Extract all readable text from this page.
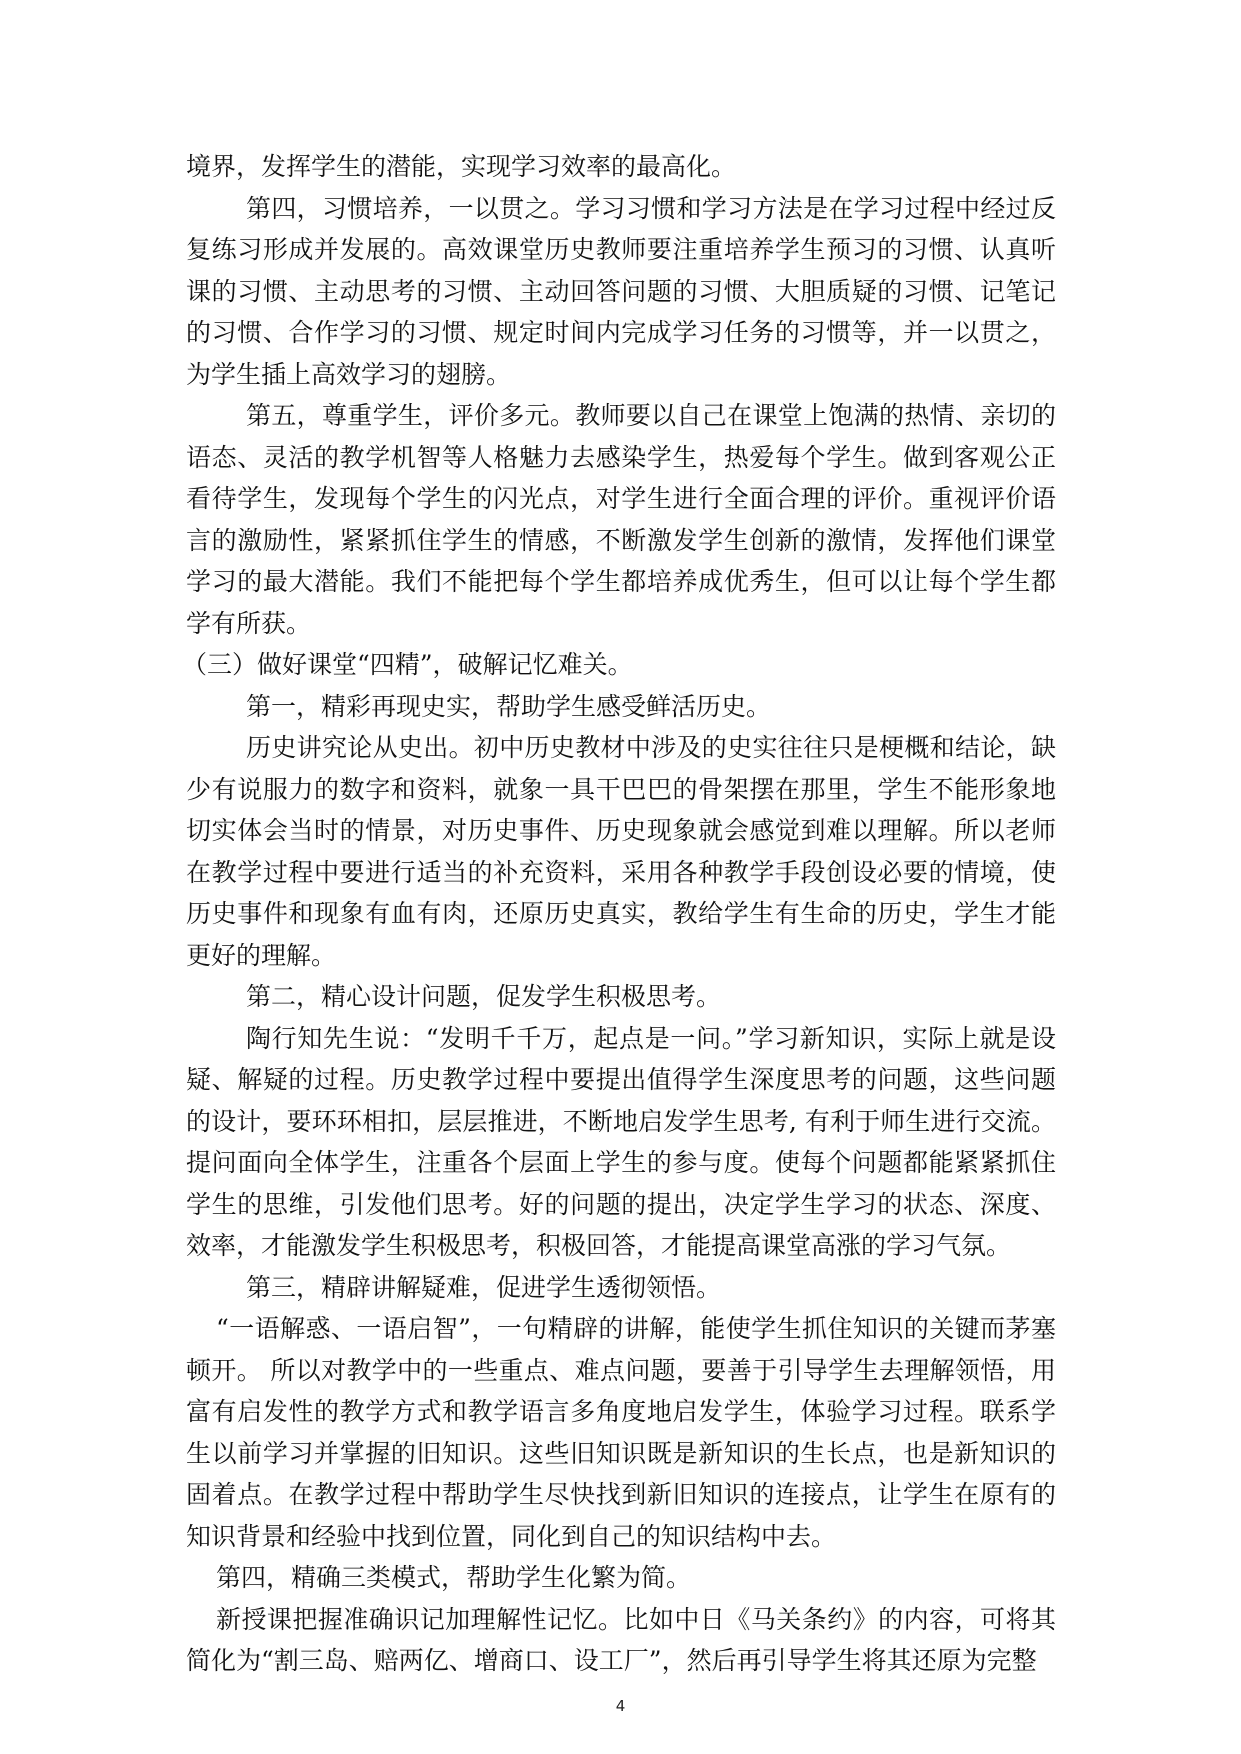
境界，发挥学生的潜能，实现学习效率的最高化。

第四，习惯培养，一以贯之。学习习惯和学习方法是在学习过程中经过反复练习形成并发展的。高效课堂历史教师要注重培养学生预习的习惯、认真听课的习惯、主动思考的习惯、主动回答问题的习惯、大胆质疑的习惯、记笔记的习惯、合作学习的习惯、规定时间内完成学习任务的习惯等，并一以贯之，为学生插上高效学习的翅膀。

第五，尊重学生，评价多元。教师要以自己在课堂上饱满的热情、亲切的语态、灵活的教学机智等人格魅力去感染学生，热爱每个学生。做到客观公正看待学生，发现每个学生的闪光点，对学生进行全面合理的评价。重视评价语言的激励性，紧紧抓住学生的情感，不断激发学生创新的激情，发挥他们课堂学习的最大潜能。我们不能把每个学生都培养成优秀生，但可以让每个学生都学有所获。

（三）做好课堂“四精”，破解记忆难关。

第一，精彩再现史实，帮助学生感受鲜活历史。

历史讲究论从史出。初中历史教材中涉及的史实往往只是梗概和结论，缺少有说服力的数字和资料，就象一具干巴巴的骨架摆在那里，学生不能形象地切实体会当时的情景，对历史事件、历史现象就会感觉到难以理解。所以老师在教学过程中要进行适当的补充资料，采用各种教学手段创设必要的情境，使历史事件和现象有血有肉，还原历史真实，教给学生有生命的历史，学生才能更好的理解。

第二，精心设计问题，促发学生积极思考。

陶行知先生说：“发明千千万，起点是一问。”学习新知识，实际上就是设疑、解疑的过程。历史教学过程中要提出值得学生深度思考的问题，这些问题的设计，要环环相扣，层层推进，不断地启发学生思考, 有利于师生进行交流。提问面向全体学生，注重各个层面上学生的参与度。使每个问题都能紧紧抓住学生的思维，引发他们思考。好的问题的提出，决定学生学习的状态、深度、效率，才能激发学生积极思考，积极回答，才能提高课堂高涨的学习气氛。

第三，精辟讲解疑难，促进学生透彻领悟。

“一语解惑、一语启智”，一句精辟的讲解，能使学生抓住知识的关键而茅塞顿开。 所以对教学中的一些重点、难点问题，要善于引导学生去理解领悟，用富有启发性的教学方式和教学语言多角度地启发学生，体验学习过程。联系学生以前学习并掌握的旧知识。这些旧知识既是新知识的生长点，也是新知识的固着点。在教学过程中帮助学生尽快找到新旧知识的连接点，让学生在原有的知识背景和经验中找到位置，同化到自己的知识结构中去。

第四，精确三类模式，帮助学生化繁为简。

新授课把握准确识记加理解性记忆。比如中日《马关条约》的内容，可将其简化为“割三岛、赔两亿、增商口、设工厂”，然后再引导学生将其还原为完整

4
